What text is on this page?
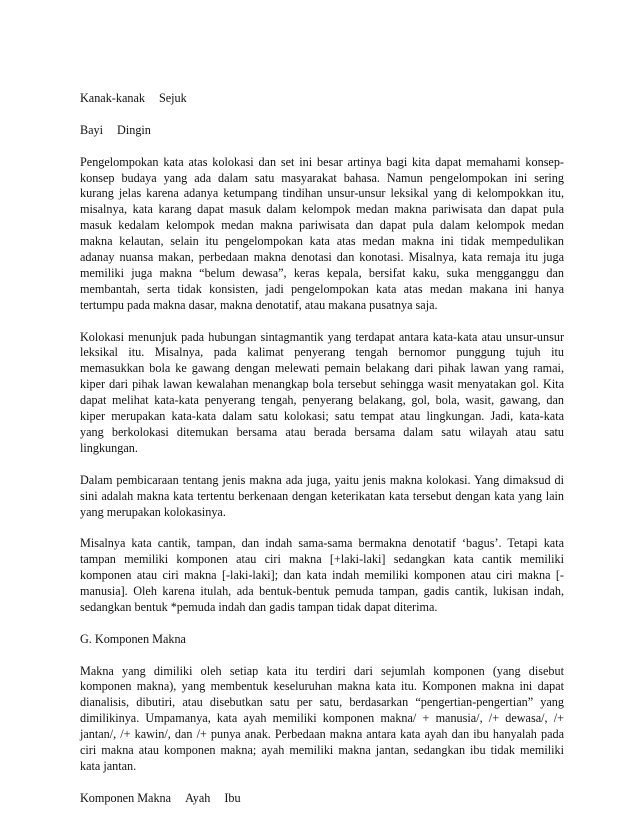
Kanak-kanak Sejuk
Bayi Dingin
Pengelompokan kata atas kolokasi dan set ini besar artinya bagi kita dapat memahami konsep-
konsep budaya yang ada dalam satu masyarakat bahasa. Namun pengelompokan ini sering
kurang jelas karena adanya ketumpang tindihan unsur-unsur leksikal yang di kelompokkan itu,
misalnya, kata karang dapat masuk dalam kelompok medan makna pariwisata dan dapat pula
masuk kedalam kelompok medan makna pariwisata dan dapat pula dalam kelompok medan
makna kelautan, selain itu pengelompokan kata atas medan makna ini tidak mempedulikan
adanay nuansa makan, perbedaan makna denotasi dan konotasi. Misalnya, kata remaja itu juga
memiliki juga makna “belum dewasa”, keras kepala, bersifat kaku, suka mengganggu dan
membantah, serta tidak konsisten, jadi pengelompokan kata atas medan makana ini hanya
tertumpu pada makna dasar, makna denotatif, atau makana pusatnya saja.
Kolokasi menunjuk pada hubungan sintagmantik yang terdapat antara kata-kata atau unsur-unsur
leksikal itu. Misalnya, pada kalimat penyerang tengah bernomor punggung tujuh itu
memasukkan bola ke gawang dengan melewati pemain belakang dari pihak lawan yang ramai,
kiper dari pihak lawan kewalahan menangkap bola tersebut sehingga wasit menyatakan gol. Kita
dapat melihat kata-kata penyerang tengah, penyerang belakang, gol, bola, wasit, gawang, dan
kiper merupakan kata-kata dalam satu kolokasi; satu tempat atau lingkungan. Jadi, kata-kata
yang berkolokasi ditemukan bersama atau berada bersama dalam satu wilayah atau satu
lingkungan.
Dalam pembicaraan tentang jenis makna ada juga, yaitu jenis makna kolokasi. Yang dimaksud di
sini adalah makna kata tertentu berkenaan dengan keterikatan kata tersebut dengan kata yang lain
yang merupakan kolokasinya.
Misalnya kata cantik, tampan, dan indah sama-sama bermakna denotatif ‘bagus’. Tetapi kata
tampan memiliki komponen atau ciri makna [+laki-laki] sedangkan kata cantik memiliki
komponen atau ciri makna [-laki-laki]; dan kata indah memiliki komponen atau ciri makna [-
manusia]. Oleh karena itulah, ada bentuk-bentuk pemuda tampan, gadis cantik, lukisan indah,
sedangkan bentuk *pemuda indah dan gadis tampan tidak dapat diterima.
G. Komponen Makna
Makna yang dimiliki oleh setiap kata itu terdiri dari sejumlah komponen (yang disebut
komponen makna), yang membentuk keseluruhan makna kata itu. Komponen makna ini dapat
dianalisis, dibutiri, atau disebutkan satu per satu, berdasarkan “pengertian-pengertian” yang
dimilikinya. Umpamanya, kata ayah memiliki komponen makna/ + manusia/, /+ dewasa/, /+
jantan/, /+ kawin/, dan /+ punya anak. Perbedaan makna antara kata ayah dan ibu hanyalah pada
ciri makna atau komponen makna; ayah memiliki makna jantan, sedangkan ibu tidak memiliki
kata jantan.
Komponen Makna Ayah Ibu
